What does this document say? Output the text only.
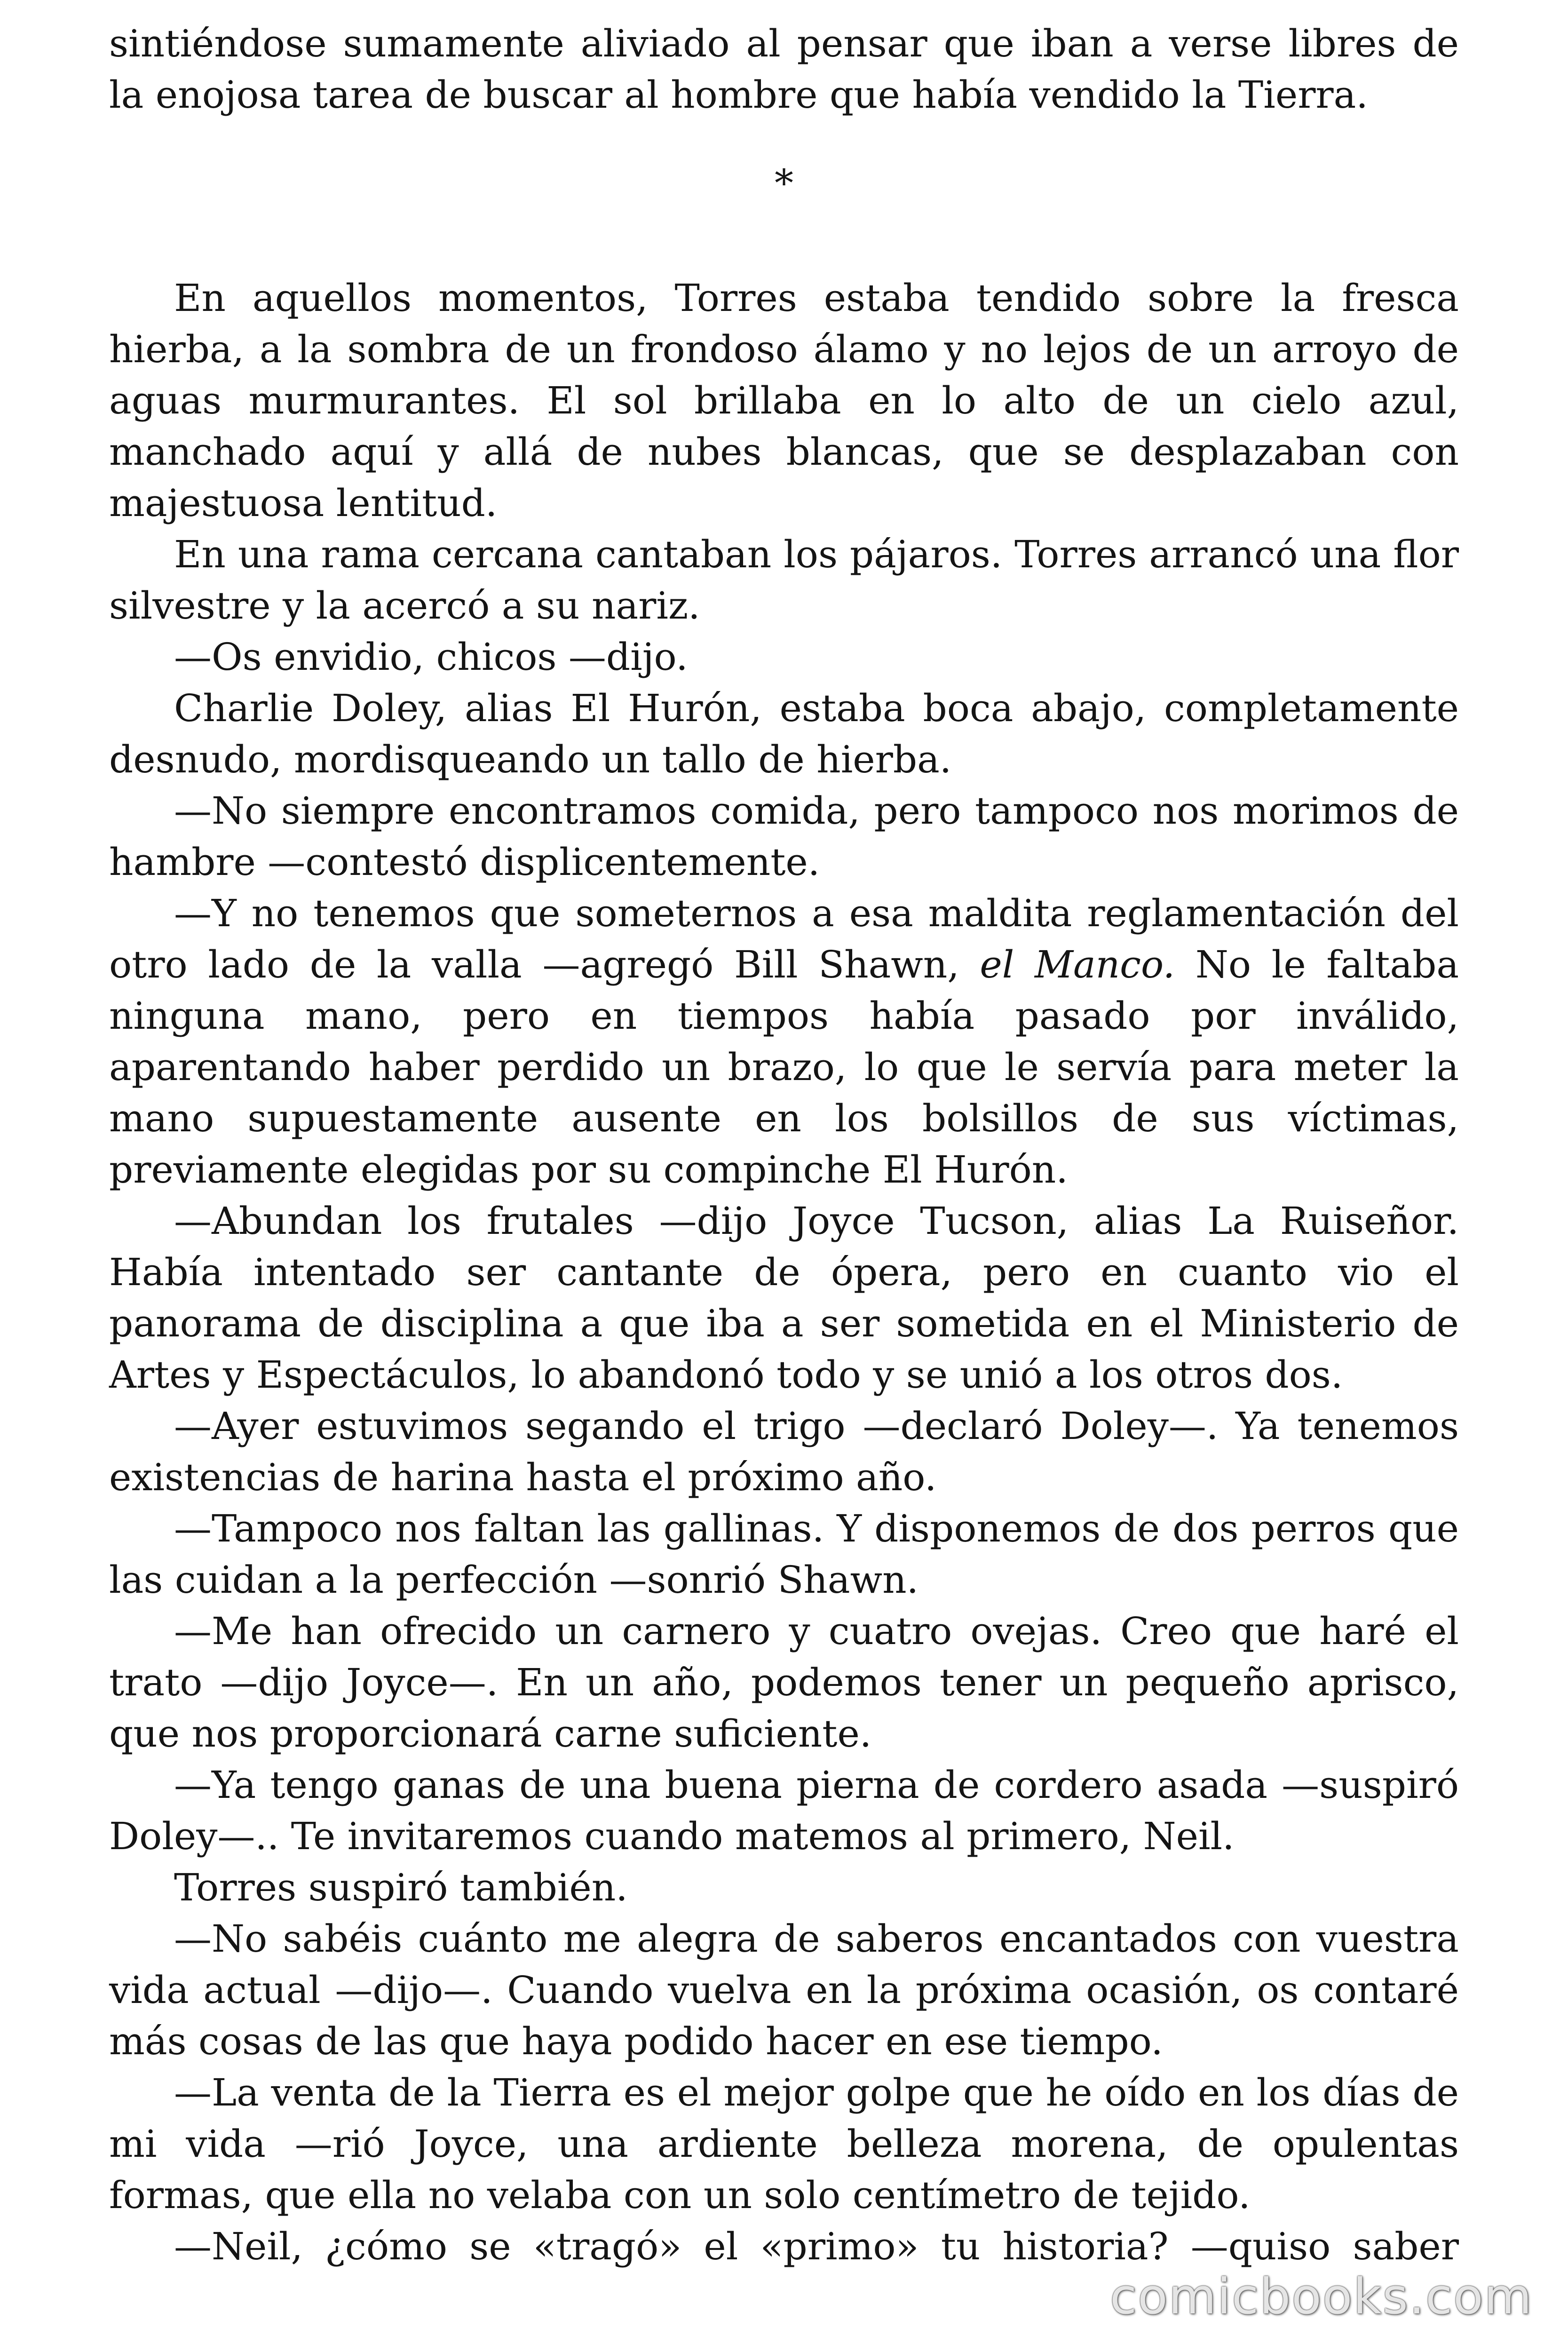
sintiéndose sumamente aliviado al pensar que iban a verse libres de la enojosa tarea de buscar al hombre que había vendido la Tierra.

*

En aquellos momentos, Torres estaba tendido sobre la fresca hierba, a la sombra de un frondoso álamo y no lejos de un arroyo de aguas murmurantes. El sol brillaba en lo alto de un cielo azul, manchado aquí y allá de nubes blancas, que se desplazaban con majestuosa lentitud.

En una rama cercana cantaban los pájaros. Torres arrancó una flor silvestre y la acercó a su nariz.

—Os envidio, chicos —dijo.

Charlie Doley, alias El Hurón, estaba boca abajo, completamente desnudo, mordisqueando un tallo de hierba.

—No siempre encontramos comida, pero tampoco nos morimos de hambre —contestó displicentemente.

—Y no tenemos que someternos a esa maldita reglamentación del otro lado de la valla —agregó Bill Shawn, el Manco. No le faltaba ninguna mano, pero en tiempos había pasado por inválido, aparentando haber perdido un brazo, lo que le servía para meter la mano supuestamente ausente en los bolsillos de sus víctimas, previamente elegidas por su compinche El Hurón.

—Abundan los frutales —dijo Joyce Tucson, alias La Ruiseñor. Había intentado ser cantante de ópera, pero en cuanto vio el panorama de disciplina a que iba a ser sometida en el Ministerio de Artes y Espectáculos, lo abandonó todo y se unió a los otros dos.

—Ayer estuvimos segando el trigo —declaró Doley—. Ya tenemos existencias de harina hasta el próximo año.

—Tampoco nos faltan las gallinas. Y disponemos de dos perros que las cuidan a la perfección —sonrió Shawn.

—Me han ofrecido un carnero y cuatro ovejas. Creo que haré el trato —dijo Joyce—. En un año, podemos tener un pequeño aprisco, que nos proporcionará carne suficiente.

—Ya tengo ganas de una buena pierna de cordero asada —suspiró Doley—.. Te invitaremos cuando matemos al primero, Neil.

Torres suspiró también.

—No sabéis cuánto me alegra de saberos encantados con vuestra vida actual —dijo—. Cuando vuelva en la próxima ocasión, os contaré más cosas de las que haya podido hacer en ese tiempo.

—La venta de la Tierra es el mejor golpe que he oído en los días de mi vida —rió Joyce, una ardiente belleza morena, de opulentas formas, que ella no velaba con un solo centímetro de tejido.

—Neil, ¿cómo se «tragó» el «primo» tu historia? —quiso saber

comicbooks.com
